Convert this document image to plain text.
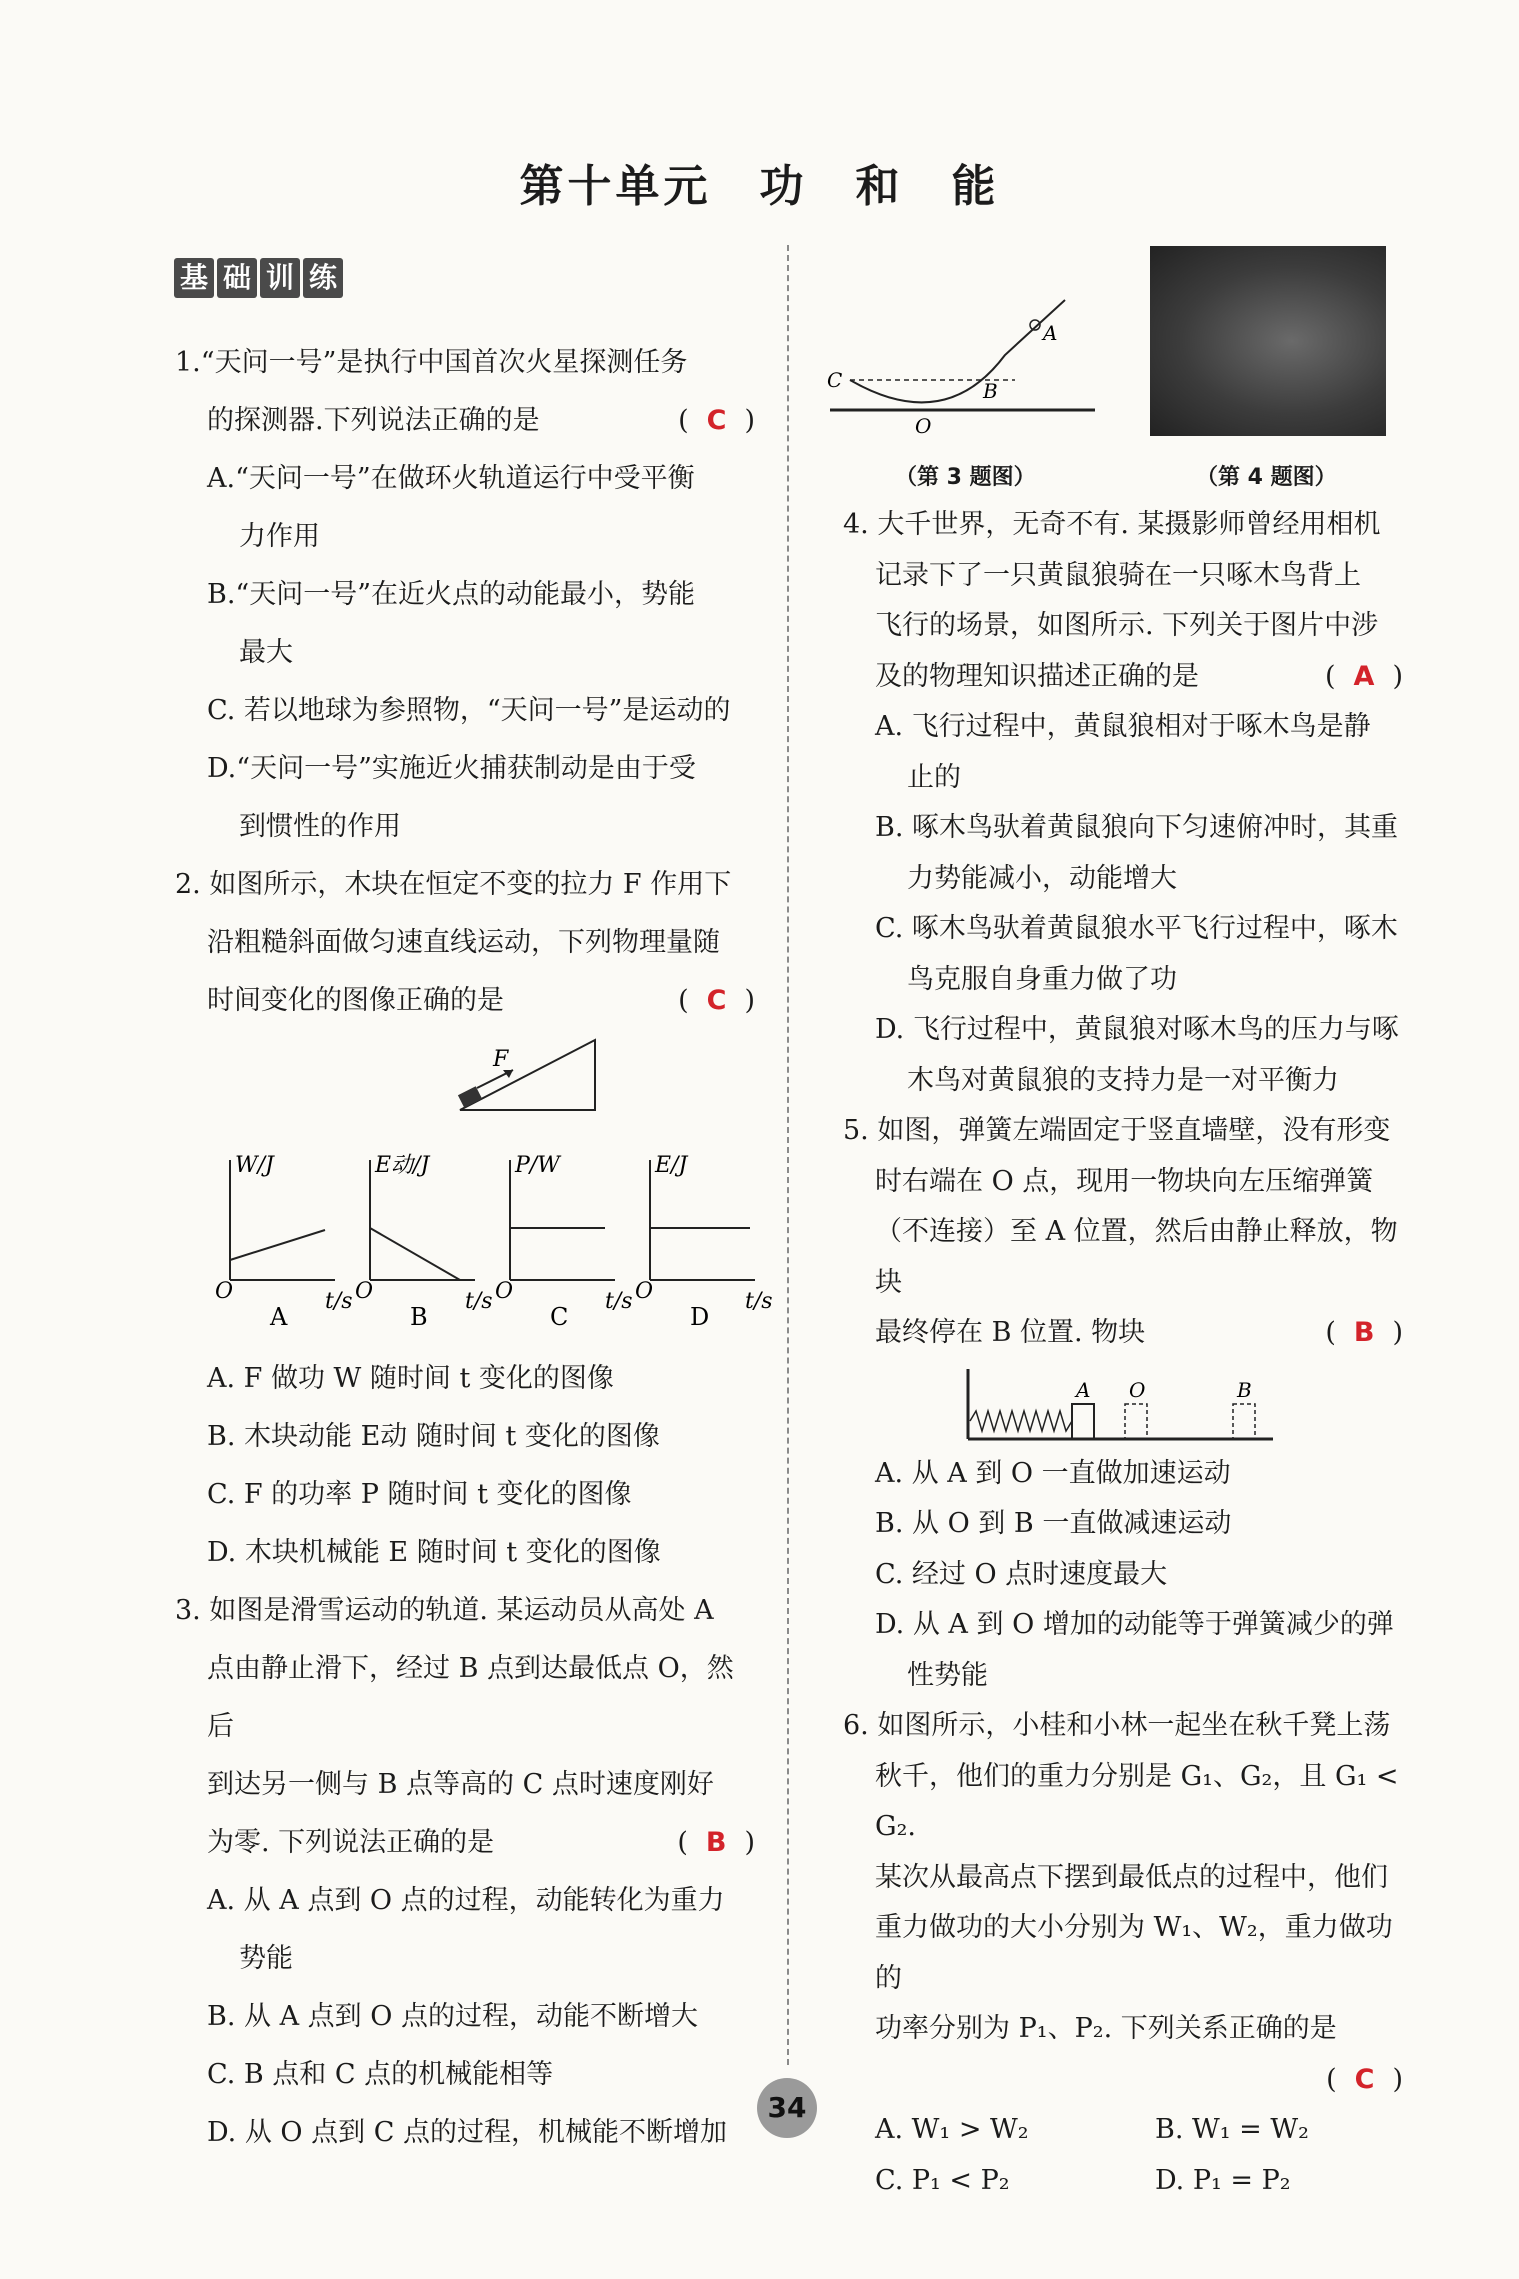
第十单元　功　和　能
基 础 训 练
1.“天问一号”是执行中国首次火星探测任务
的探测器.下列说法正确的是	( C )
A.“天问一号”在做环火轨道运行中受平衡
力作用
B.“天问一号”在近火点的动能最小，势能
最大
C. 若以地球为参照物，“天问一号”是运动的
D.“天问一号”实施近火捕获制动是由于受
到惯性的作用
2. 如图所示，木块在恒定不变的拉力 F 作用下
沿粗糙斜面做匀速直线运动，下列物理量随
时间变化的图像正确的是	( C )
A. F 做功 W 随时间 t 变化的图像
B. 木块动能 E动 随时间 t 变化的图像
C. F 的功率 P 随时间 t 变化的图像
D. 木块机械能 E 随时间 t 变化的图像
3. 如图是滑雪运动的轨道. 某运动员从高处 A
点由静止滑下，经过 B 点到达最低点 O，然后
到达另一侧与 B 点等高的 C 点时速度刚好
为零. 下列说法正确的是	( B )
A. 从 A 点到 O 点的过程，动能转化为重力
势能
B. 从 A 点到 O 点的过程，动能不断增大
C. B 点和 C 点的机械能相等
D. 从 O 点到 C 点的过程，机械能不断增加
F
W/J
O	t/s
A
E动/J
O	t/s
B
P/W
O	t/s
C
E/J
O	t/s
D
A
B
C
O
（第 3 题图）	（第 4 题图）
4. 大千世界，无奇不有. 某摄影师曾经用相机
记录下了一只黄鼠狼骑在一只啄木鸟背上
飞行的场景，如图所示. 下列关于图片中涉
及的物理知识描述正确的是	( A )
A. 飞行过程中，黄鼠狼相对于啄木鸟是静
止的
B. 啄木鸟驮着黄鼠狼向下匀速俯冲时，其重
力势能减小，动能增大
C. 啄木鸟驮着黄鼠狼水平飞行过程中，啄木
鸟克服自身重力做了功
D. 飞行过程中，黄鼠狼对啄木鸟的压力与啄
木鸟对黄鼠狼的支持力是一对平衡力
5. 如图，弹簧左端固定于竖直墙壁，没有形变
时右端在 O 点，现用一物块向左压缩弹簧
（不连接）至 A 位置，然后由静止释放，物块
最终停在 B 位置. 物块	( B )
A O	B
A. 从 A 到 O 一直做加速运动
B. 从 O 到 B 一直做减速运动
C. 经过 O 点时速度最大
D. 从 A 到 O 增加的动能等于弹簧减少的弹
性势能
6. 如图所示，小桂和小林一起坐在秋千凳上荡
秋千，他们的重力分别是 G₁、G₂，且 G₁ < G₂.
某次从最高点下摆到最低点的过程中，他们
重力做功的大小分别为 W₁、W₂，重力做功的
功率分别为 P₁、P₂. 下列关系正确的是
( C )
A. W₁ > W₂	B. W₁ = W₂
C. P₁ < P₂	D. P₁ = P₂
34
